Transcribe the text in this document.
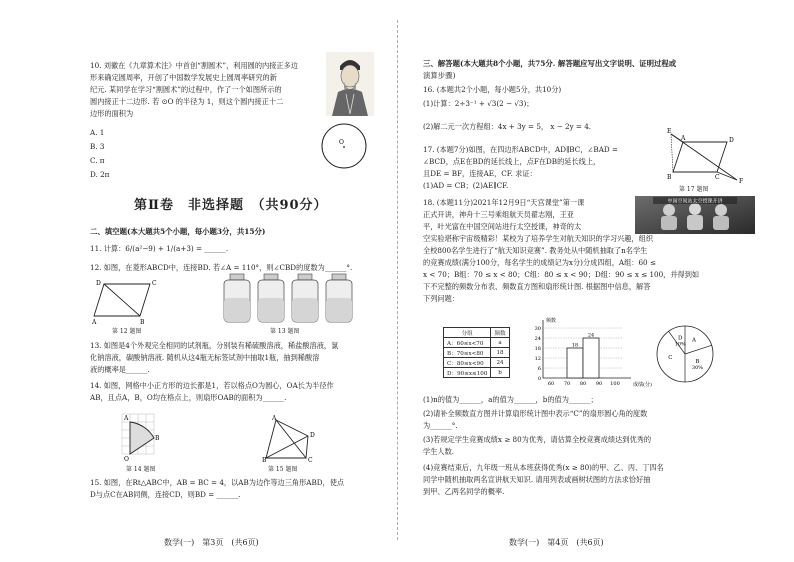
10. 刘徽在《九章算术注》中首创“割圆术”，利用圆的内接正多边
形来确定圆周率，开创了中国数学发展史上圆周率研究的新
纪元. 某同学在学习“割圆术”的过程中，作了一个如图所示的
圆内接正十二边形. 若 ⊙O 的半径为 1，则这个圆内接正十二
边形的面积为
A. 1
B. 3
C. π
D. 2π
O
第Ⅱ卷　非选择题　（共90分）
二、填空题(本大题共5个小题，每小题3分，共15分)
11. 计算：6/(a²−9) + 1/(a+3) = ______.
12. 如图，在菱形ABCD中，连接BD. 若∠A = 110°，则∠CBD的度数为______°.
D	C
A	B
第 12 题图	第 13 题图
13. 如图是4个外观完全相同的试剂瓶，分别装有稀硫酸溶液，稀盐酸溶液，氯
化钠溶液，碳酸钠溶液. 随机从这4瓶无标签试剂中抽取1瓶，抽到稀酸溶
液的概率是______.
14. 如图，网格中小正方形的边长都是1，若以格点O为圆心，OA长为半径作
AB，且点A，B，O均在格点上，则扇形OAB的面积为______.
A
B
O
第 14 题图
A
D
B	C
第 15 题图
15. 如图，在Rt△ABC中，AB = BC = 4，以AB为边作等边三角形ABD，使点
D与点C在AB同侧，连接CD，则BD = ______.
数学(一)　第3页　(共6页)
三、解答题(本大题共8个小题，共75分. 解答题应写出文字说明、证明过程或
演算步骤)
16. (本题共2个小题，每小题5分，共10分)
(1)计算：2÷3⁻¹ + √3(2 − √3)；
(2)解二元一次方程组：4x + 3y = 5， x − 2y = 4.
17. (本题7分)如图，在四边形ABCD中，AD∥BC，∠BAD =
∠BCD，点E在BD的延长线上，点F在DB的延长线上，
且DE = BF，连接AE，CF. 求证：
(1)AD = CB；(2)AE∥CF.
E
A	D
B	C
F
第 17 题图
18. (本题11分)2021年12月9日“天宫课堂”第一课
正式开讲，神舟十三号乘组航天员翟志刚，王亚
平，叶光富在中国空间站进行太空授课，神奇的太
空实验堪称宇宙级精彩！某校为了培养学生对航天知识的学习兴趣，组织
全校800名学生进行了“航天知识竞赛”. 教务处从中随机抽取了n名学生
的竞赛成绩(满分100分，每名学生的成绩记为x分)分成四组，A组：60 ≤
x < 70；B组：70 ≤ x < 80；C组：80 ≤ x < 90；D组：90 ≤ x ≤ 100，并得到如
下不完整的频数分布表、频数直方图和扇形统计图. 根据图中信息，解答
下列问题：
中国空间站太空授课开讲
分组	频数
A：60≤x<70	a
B：70≤x<80	18
C：80≤x<90	24
D：90≤x≤100	b
0
6
12
18
24
30
60 70 80 90 100
18
24
频数
成绩(分)
A
B
30%
C
D
10%
(1)n的值为______，a的值为______，b的值为______；
(2)请补全频数直方图并计算扇形统计图中表示“C”的扇形圆心角的度数
为______°.
(3)若规定学生竞赛成绩x ≥ 80为优秀，请估算全校竞赛成绩达到优秀的
学生人数.
(4)竞赛结束后，九年级一班从本班获得优秀(x ≥ 80)的甲、乙、丙、丁四名
同学中随机抽取两名宣讲航天知识. 请用列表或画树状图的方法求恰好抽
到甲、乙两名同学的概率.
数学(一)　第4页　(共6页)
